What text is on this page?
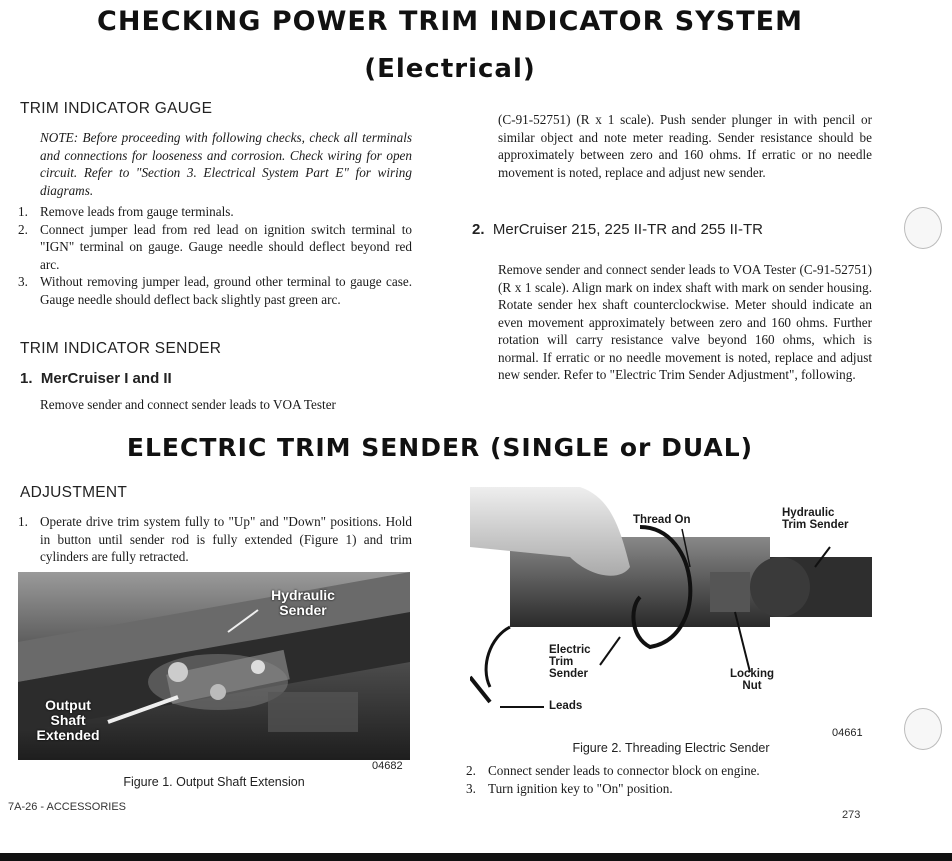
CHECKING POWER TRIM INDICATOR SYSTEM
(Electrical)
TRIM INDICATOR GAUGE
NOTE: Before proceeding with following checks, check all terminals and connections for looseness and corrosion. Check wiring for open circuit. Refer to "Section 3. Electrical System Part E" for wiring diagrams.
1. Remove leads from gauge terminals.
2. Connect jumper lead from red lead on ignition switch terminal to "IGN" terminal on gauge. Gauge needle should deflect beyond red arc.
3. Without removing jumper lead, ground other terminal to gauge case. Gauge needle should deflect back slightly past green arc.
TRIM INDICATOR SENDER
1. MerCruiser I and II
Remove sender and connect sender leads to VOA Tester
(C-91-52751) (R x 1 scale). Push sender plunger in with pencil or similar object and note meter reading. Sender resistance should be approximately between zero and 160 ohms. If erratic or no needle movement is noted, replace and adjust new sender.
2. MerCruiser 215, 225 II-TR and 255 II-TR
Remove sender and connect sender leads to VOA Tester (C-91-52751) (R x 1 scale). Align mark on index shaft with mark on sender housing. Rotate sender hex shaft counterclockwise. Meter should indicate an even movement approximately between zero and 160 ohms. Further rotation will carry resistance valve beyond 160 ohms, which is normal. If erratic or no needle movement is noted, replace and adjust new sender. Refer to "Electric Trim Sender Adjustment", following.
ELECTRIC TRIM SENDER (SINGLE or DUAL)
ADJUSTMENT
1. Operate drive trim system fully to "Up" and "Down" positions. Hold in button until sender rod is fully extended (Figure 1) and trim cylinders are fully retracted.
Hydraulic Sender
Output Shaft Extended
04682
Figure 1. Output Shaft Extension
Thread On
Hydraulic Trim Sender
Electric Trim Sender	Locking Nut
Leads
04661
Figure 2. Threading Electric Sender
2. Connect sender leads to connector block on engine.
3. Turn ignition key to "On" position.
7A-26 - ACCESSORIES
273
